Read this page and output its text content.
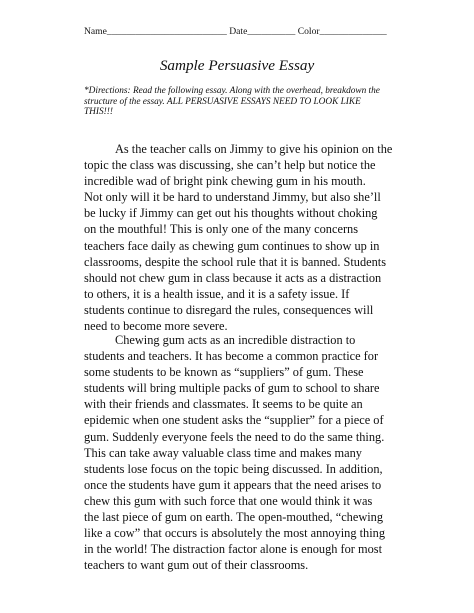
Name_________________________ Date__________ Color______________
Sample Persuasive Essay
*Directions: Read the following essay. Along with the overhead, breakdown the
structure of the essay. ALL PERSUASIVE ESSAYS NEED TO LOOK LIKE
THIS!!!
As the teacher calls on Jimmy to give his opinion on the
topic the class was discussing, she can’t help but notice the
incredible wad of bright pink chewing gum in his mouth.
Not only will it be hard to understand Jimmy, but also she’ll
be lucky if Jimmy can get out his thoughts without choking
on the mouthful! This is only one of the many concerns
teachers face daily as chewing gum continues to show up in
classrooms, despite the school rule that it is banned. Students
should not chew gum in class because it acts as a distraction
to others, it is a health issue, and it is a safety issue. If
students continue to disregard the rules, consequences will
need to become more severe.
Chewing gum acts as an incredible distraction to
students and teachers. It has become a common practice for
some students to be known as “suppliers” of gum. These
students will bring multiple packs of gum to school to share
with their friends and classmates. It seems to be quite an
epidemic when one student asks the “supplier” for a piece of
gum. Suddenly everyone feels the need to do the same thing.
This can take away valuable class time and makes many
students lose focus on the topic being discussed. In addition,
once the students have gum it appears that the need arises to
chew this gum with such force that one would think it was
the last piece of gum on earth. The open-mouthed, “chewing
like a cow” that occurs is absolutely the most annoying thing
in the world! The distraction factor alone is enough for most
teachers to want gum out of their classrooms.
